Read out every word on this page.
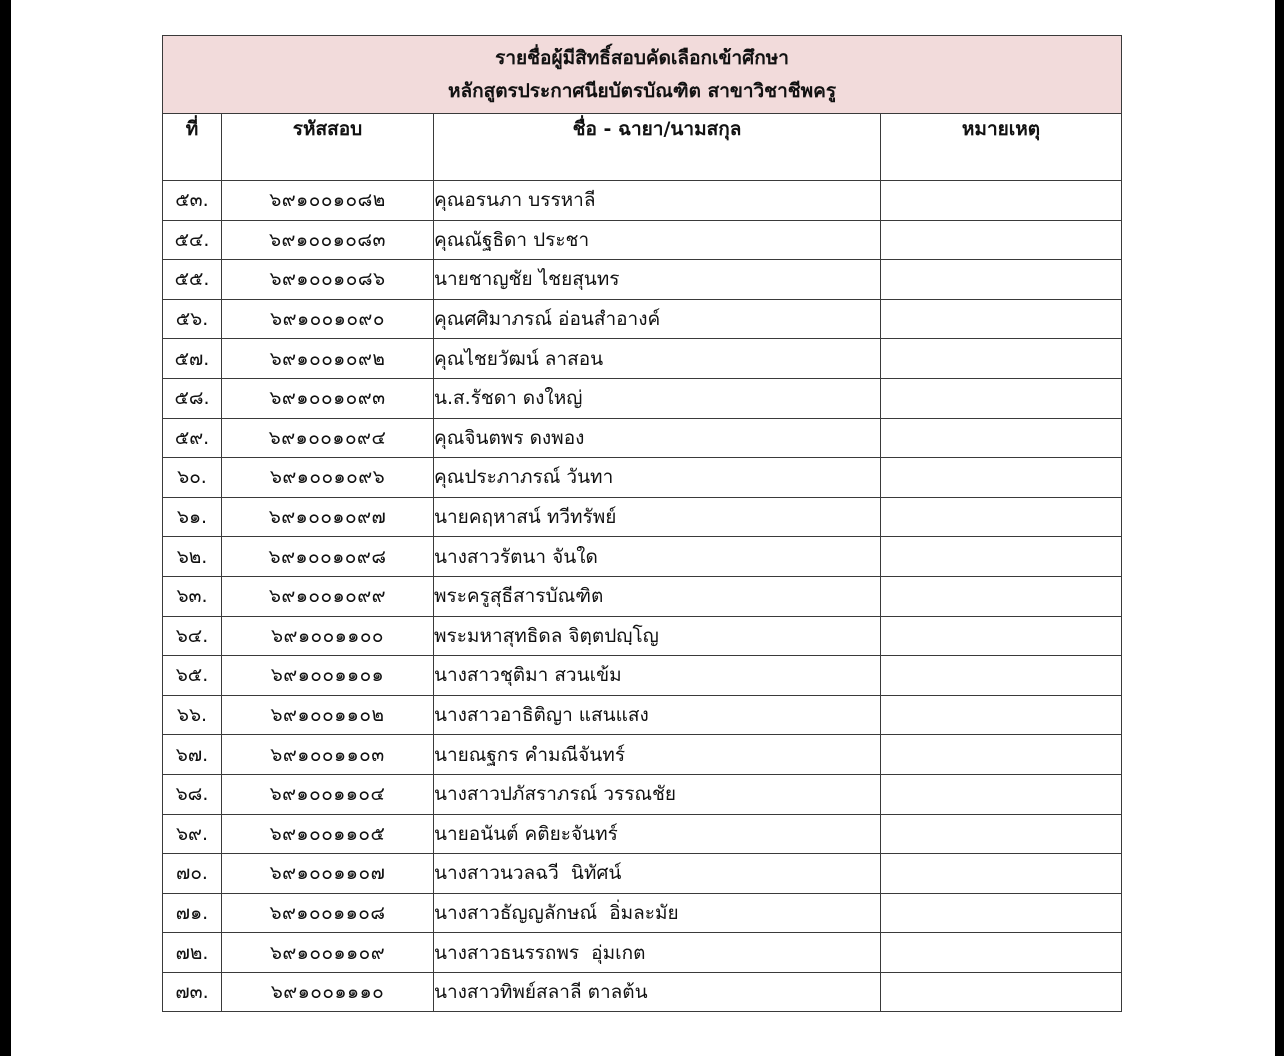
รายชื่อผู้มีสิทธิ์สอบคัดเลือกเข้าศึกษา
หลักสูตรประกาศนียบัตรบัณฑิต สาขาวิชาชีพครู			

ที่	รหัสสอบ	ชื่อ - ฉายา/นามสกุล	หมายเหตุ
๕๓.	๖๙๑๐๐๑๐๘๒	คุณอรนภา บรรหาลี	
๕๔.	๖๙๑๐๐๑๐๘๓	คุณณัฐธิดา ประชา	
๕๕.	๖๙๑๐๐๑๐๘๖	นายชาญชัย ไชยสุนทร	
๕๖.	๖๙๑๐๐๑๐๙๐	คุณศศิมาภรณ์ อ่อนสำอางค์	
๕๗.	๖๙๑๐๐๑๐๙๒	คุณไชยวัฒน์ ลาสอน	
๕๘.	๖๙๑๐๐๑๐๙๓	น.ส.รัชดา ดงใหญ่	
๕๙.	๖๙๑๐๐๑๐๙๔	คุณจินตพร ดงพอง	
๖๐.	๖๙๑๐๐๑๐๙๖	คุณประภาภรณ์ วันทา	
๖๑.	๖๙๑๐๐๑๐๙๗	นายคฤหาสน์ ทวีทรัพย์	
๖๒.	๖๙๑๐๐๑๐๙๘	นางสาวรัตนา จันใด	
๖๓.	๖๙๑๐๐๑๐๙๙	พระครูสุธีสารบัณฑิต	
๖๔.	๖๙๑๐๐๑๑๐๐	พระมหาสุทธิดล จิตฺตปญฺโญ	
๖๕.	๖๙๑๐๐๑๑๐๑	นางสาวชุติมา สวนเข้ม	
๖๖.	๖๙๑๐๐๑๑๐๒	นางสาวอาธิติญา แสนแสง	
๖๗.	๖๙๑๐๐๑๑๐๓	นายณฐกร คำมณีจันทร์	
๖๘.	๖๙๑๐๐๑๑๐๔	นางสาวปภัสราภรณ์ วรรณชัย	
๖๙.	๖๙๑๐๐๑๑๐๕	นายอนันต์ คติยะจันทร์	
๗๐.	๖๙๑๐๐๑๑๐๗	นางสาวนวลฉวี  นิทัศน์	
๗๑.	๖๙๑๐๐๑๑๐๘	นางสาวธัญญลักษณ์  อิ่มละมัย	
๗๒.	๖๙๑๐๐๑๑๐๙	นางสาวธนรรถพร  อุ่มเกต	
๗๓.	๖๙๑๐๐๑๑๑๐	นางสาวทิพย์สลาลี ตาลต้น	
